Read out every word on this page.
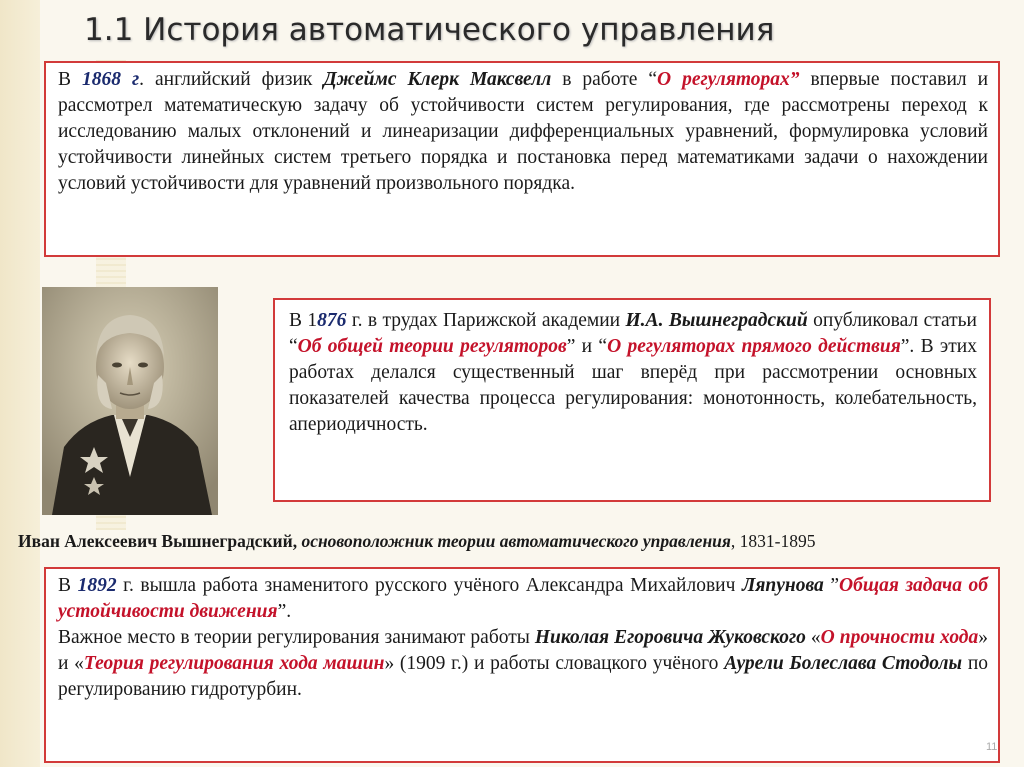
1.1 История автоматического управления

В 1868 г. английский физик Джеймс Клерк Максвелл в работе “О регуляторах” впервые поставил и рассмотрел математическую задачу об устойчивости систем регулирования, где рассмотрены переход к исследованию малых отклонений и линеаризации дифференциальных уравнений, формулировка условий устойчивости линейных систем третьего порядка и постановка перед математиками задачи о нахождении условий устойчивости для уравнений произвольного порядка.

В 1876 г. в трудах Парижской академии И.А. Вышнеградский опубликовал статьи “Об общей теории регуляторов” и “О регуляторах прямого действия”. В этих работах делался существенный шаг вперёд при рассмотрении основных показателей качества процесса регулирования: монотонность, колебательность, апериодичность.

Иван Алексеевич Вышнеградский, основоположник теории автоматического управления, 1831-1895

В 1892 г. вышла работа знаменитого русского учёного Александра Михайлович Ляпунова ”Общая задача об устойчивости движения”.

Важное место в теории регулирования занимают работы Николая Егоровича Жуковского «О прочности хода» и «Теория регулирования хода машин» (1909 г.) и работы словацкого учёного Аурели Болеслава Стодолы по регулированию гидротурбин.

11
